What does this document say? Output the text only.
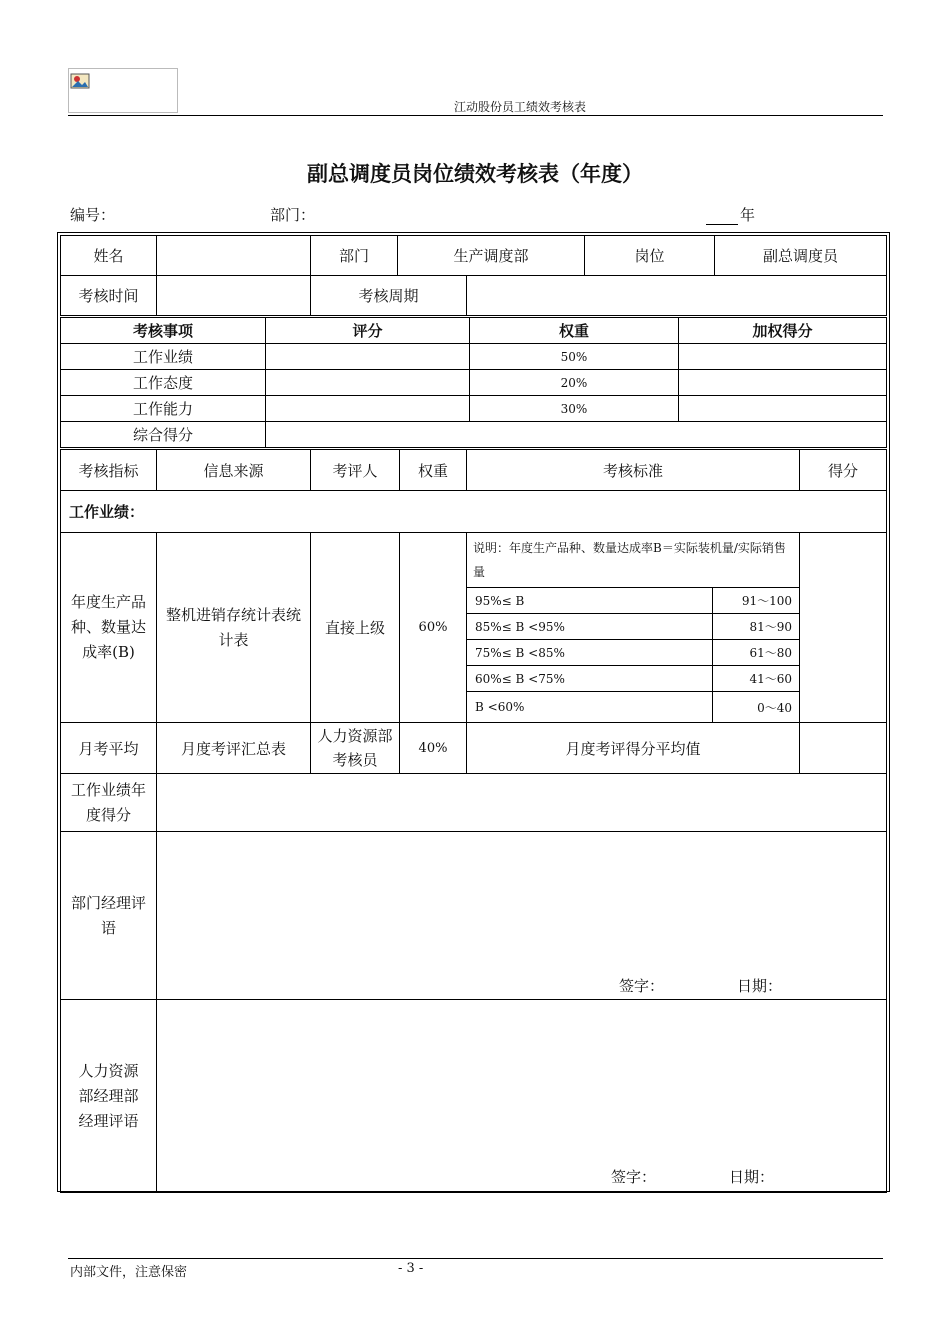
江动股份员工绩效考核表
副总调度员岗位绩效考核表（年度）
编号：	部门：	年
姓名		部门	生产调度部		岗位	副总调度员
考核时间		考核周期				
考核事项	评分	权重	加权得分
工作业绩		50%	
工作态度		20%	
工作能力		30%	
综合得分			
考核指标	信息来源	考评人	权重	考核标准	得分
工作业绩：
年度生产品种、数量达成率(B)	整机进销存统计表统计表	直接上级	60%	
说明：年度生产品种、数量达成率B＝实际装机量/实际销售量
95%≤ B	91～100
85%≤ B <95%	81～90
75%≤ B <85%	61～80
60%≤ B <75%	41～60
B <60%	0～40

月考平均	月度考评汇总表	人力资源部考核员	40%	月度考评得分平均值	
工作业绩年度得分	
部门经理评语	
签字：	日期：

人力资源部经理部经理评语	
签字：	日期：
内部文件，注意保密	- 3 -
